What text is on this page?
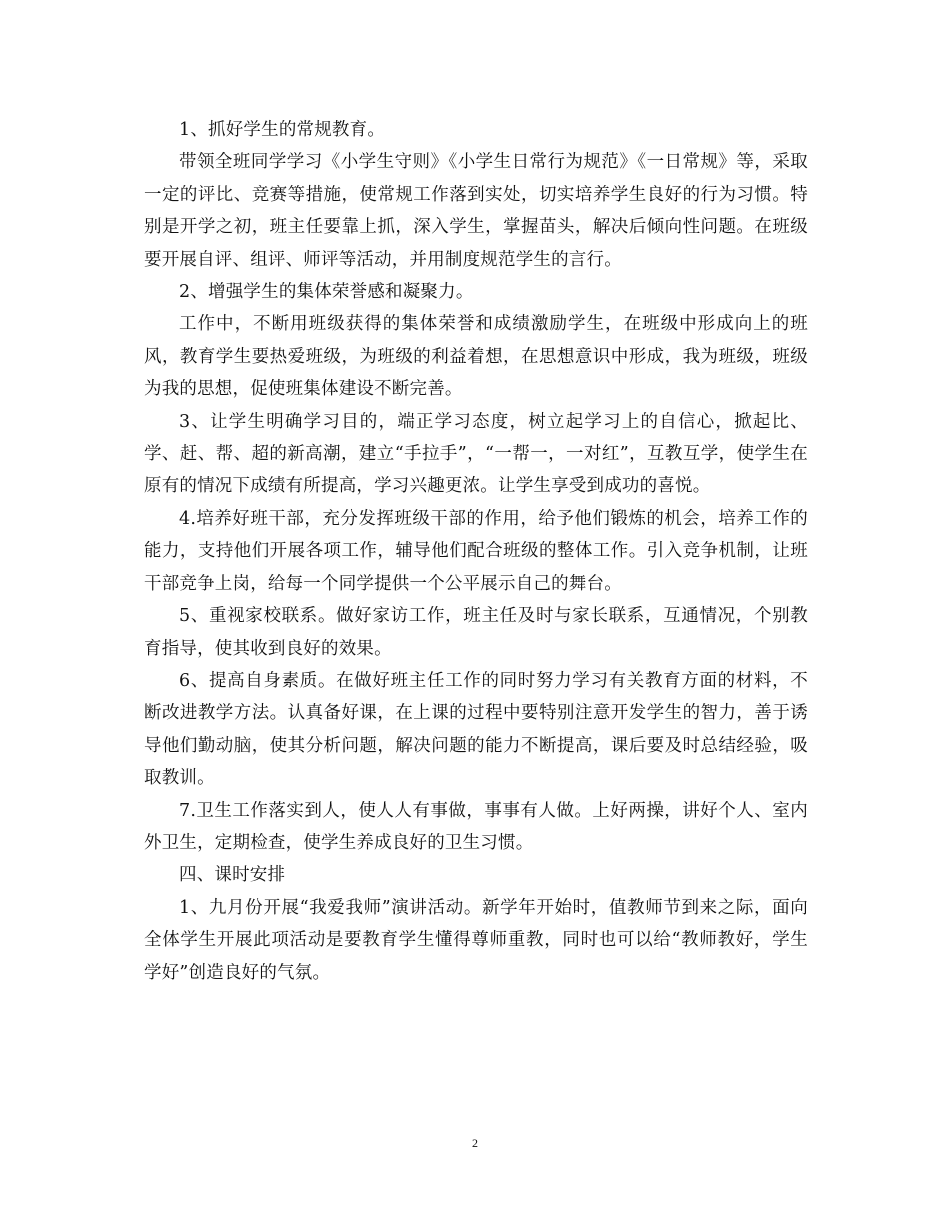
1、抓好学生的常规教育。

带领全班同学学习《小学生守则》《小学生日常行为规范》《一日常规》等，采取一定的评比、竞赛等措施，使常规工作落到实处，切实培养学生良好的行为习惯。特别是开学之初，班主任要靠上抓，深入学生，掌握苗头，解决后倾向性问题。在班级要开展自评、组评、师评等活动，并用制度规范学生的言行。

2、增强学生的集体荣誉感和凝聚力。

工作中，不断用班级获得的集体荣誉和成绩激励学生，在班级中形成向上的班风，教育学生要热爱班级，为班级的利益着想，在思想意识中形成，我为班级，班级为我的思想，促使班集体建设不断完善。

3、让学生明确学习目的，端正学习态度，树立起学习上的自信心，掀起比、学、赶、帮、超的新高潮，建立“手拉手”，“一帮一，一对红”，互教互学，使学生在原有的情况下成绩有所提高，学习兴趣更浓。让学生享受到成功的喜悦。

4.培养好班干部，充分发挥班级干部的作用，给予他们锻炼的机会，培养工作的能力，支持他们开展各项工作，辅导他们配合班级的整体工作。引入竞争机制，让班干部竞争上岗，给每一个同学提供一个公平展示自己的舞台。

5、重视家校联系。做好家访工作，班主任及时与家长联系，互通情况，个别教育指导，使其收到良好的效果。

6、提高自身素质。在做好班主任工作的同时努力学习有关教育方面的材料，不断改进教学方法。认真备好课，在上课的过程中要特别注意开发学生的智力，善于诱导他们勤动脑，使其分析问题，解决问题的能力不断提高，课后要及时总结经验，吸取教训。

7.卫生工作落实到人，使人人有事做，事事有人做。上好两操，讲好个人、室内外卫生，定期检查，使学生养成良好的卫生习惯。

四、课时安排

1、九月份开展“我爱我师”演讲活动。新学年开始时，值教师节到来之际，面向全体学生开展此项活动是要教育学生懂得尊师重教，同时也可以给“教师教好，学生学好”创造良好的气氛。

2
